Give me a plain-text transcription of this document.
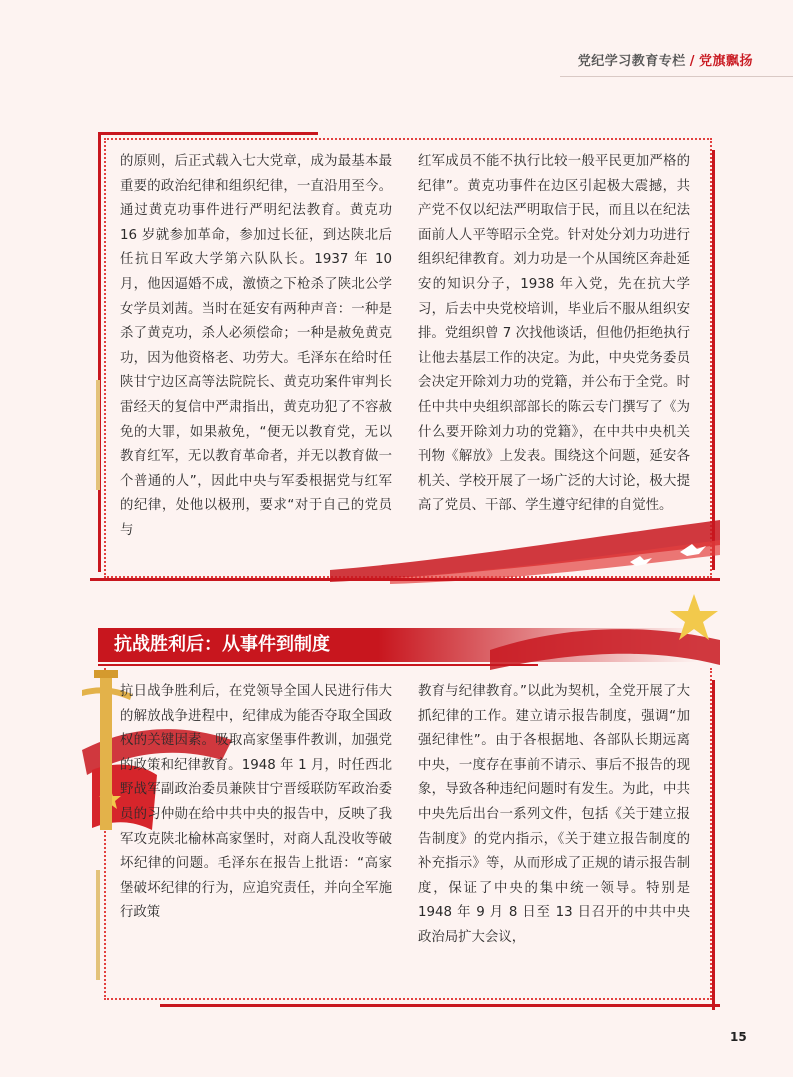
党纪学习教育专栏 / 党旗飘扬

的原则，后正式载入七大党章，成为最基本最重要的政治纪律和组织纪律，一直沿用至今。通过黄克功事件进行严明纪法教育。黄克功 16 岁就参加革命，参加过长征，到达陕北后任抗日军政大学第六队队长。1937 年 10 月，他因逼婚不成，激愤之下枪杀了陕北公学女学员刘茜。当时在延安有两种声音：一种是杀了黄克功，杀人必须偿命；一种是赦免黄克功，因为他资格老、功劳大。毛泽东在给时任陕甘宁边区高等法院院长、黄克功案件审判长雷经天的复信中严肃指出，黄克功犯了不容赦免的大罪，如果赦免，“便无以教育党，无以教育红军，无以教育革命者，并无以教育做一个普通的人”，因此中央与军委根据党与红军的纪律，处他以极刑，要求“对于自己的党员与

红军成员不能不执行比较一般平民更加严格的纪律”。黄克功事件在边区引起极大震撼，共产党不仅以纪法严明取信于民，而且以在纪法面前人人平等昭示全党。针对处分刘力功进行组织纪律教育。刘力功是一个从国统区奔赴延安的知识分子，1938 年入党，先在抗大学习，后去中央党校培训，毕业后不服从组织安排。党组织曾 7 次找他谈话，但他仍拒绝执行让他去基层工作的决定。为此，中央党务委员会决定开除刘力功的党籍，并公布于全党。时任中共中央组织部部长的陈云专门撰写了《为什么要开除刘力功的党籍》，在中共中央机关刊物《解放》上发表。围绕这个问题，延安各机关、学校开展了一场广泛的大讨论，极大提高了党员、干部、学生遵守纪律的自觉性。

抗战胜利后：从事件到制度

抗日战争胜利后，在党领导全国人民进行伟大的解放战争进程中，纪律成为能否夺取全国政权的关键因素。吸取高家堡事件教训，加强党的政策和纪律教育。1948 年 1 月，时任西北野战军副政治委员兼陕甘宁晋绥联防军政治委员的习仲勋在给中共中央的报告中，反映了我军攻克陕北榆林高家堡时，对商人乱没收等破坏纪律的问题。毛泽东在报告上批语：“高家堡破坏纪律的行为，应追究责任，并向全军施行政策

教育与纪律教育。”以此为契机，全党开展了大抓纪律的工作。建立请示报告制度，强调“加强纪律性”。由于各根据地、各部队长期远离中央，一度存在事前不请示、事后不报告的现象，导致各种违纪问题时有发生。为此，中共中央先后出台一系列文件，包括《关于建立报告制度》的党内指示，《关于建立报告制度的补充指示》等，从而形成了正规的请示报告制度，保证了中央的集中统一领导。特别是 1948 年 9 月 8 日至 13 日召开的中共中央政治局扩大会议，

15
